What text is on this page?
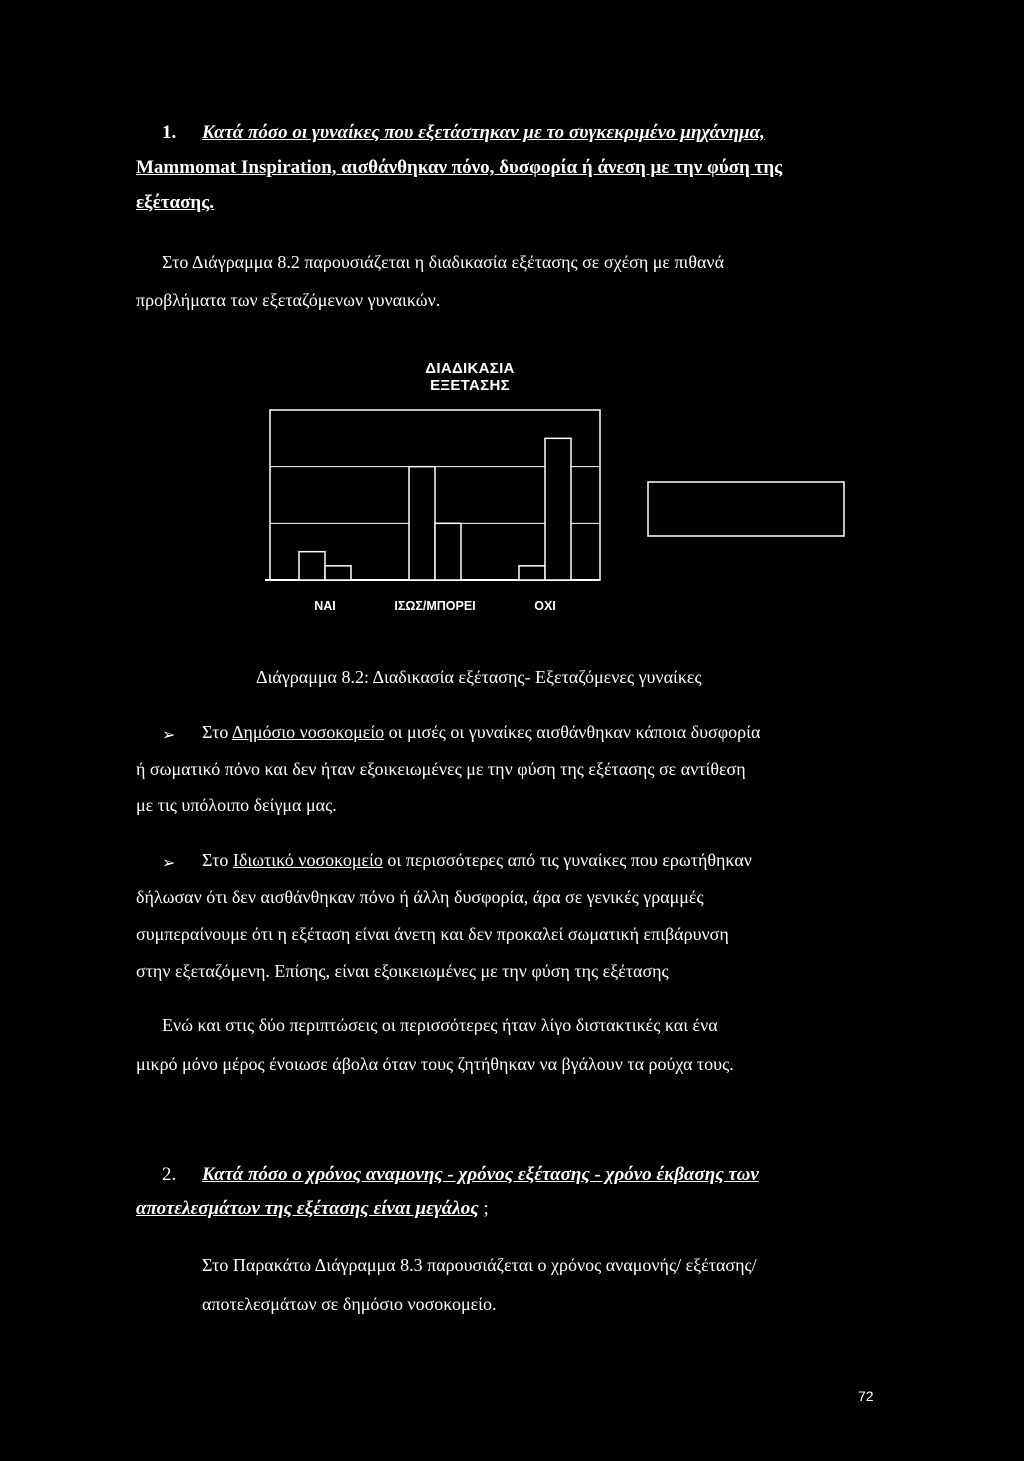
1. Κατά πόσο οι γυναίκες που εξετάστηκαν με το συγκεκριμένο μηχάνημα,
Mammomat Inspiration, αισθάνθηκαν πόνο, δυσφορία ή άνεση με την φύση της
εξέτασης.
Στο Διάγραμμα 8.2 παρουσιάζεται η διαδικασία εξέτασης σε σχέση με πιθανά
προβλήματα των εξεταζόμενων γυναικών.
ΔΙΑΔΙΚΑΣΙΑ ΕΞΕΤΑΣΗΣ
ΝΑΙ	ΙΣΩΣ/ΜΠΟΡΕΙ	ΟΧΙ
Διάγραμμα 8.2: Διαδικασία εξέτασης- Εξεταζόμενες γυναίκες
➢ Στο Δημόσιο νοσοκομείο οι μισές οι γυναίκες αισθάνθηκαν κάποια δυσφορία
ή σωματικό πόνο και δεν ήταν εξοικειωμένες με την φύση της εξέτασης σε αντίθεση
με τις υπόλοιπο δείγμα μας.
➢ Στο Ιδιωτικό νοσοκομείο οι περισσότερες από τις γυναίκες που ερωτήθηκαν
δήλωσαν ότι δεν αισθάνθηκαν πόνο ή άλλη δυσφορία, άρα σε γενικές γραμμές
συμπεραίνουμε ότι η εξέταση είναι άνετη και δεν προκαλεί σωματική επιβάρυνση
στην εξεταζόμενη. Επίσης, είναι εξοικειωμένες με την φύση της εξέτασης
Ενώ και στις δύο περιπτώσεις οι περισσότερες ήταν λίγο διστακτικές και ένα
μικρό μόνο μέρος ένοιωσε άβολα όταν τους ζητήθηκαν να βγάλουν τα ρούχα τους.
2. Κατά πόσο ο χρόνος αναμονης - χρόνος εξέτασης - χρόνο έκβασης των
αποτελεσμάτων της εξέτασης είναι μεγάλος ;
Στο Παρακάτω Διάγραμμα 8.3 παρουσιάζεται ο χρόνος αναμονής/ εξέτασης/
αποτελεσμάτων σε δημόσιο νοσοκομείο.
72
